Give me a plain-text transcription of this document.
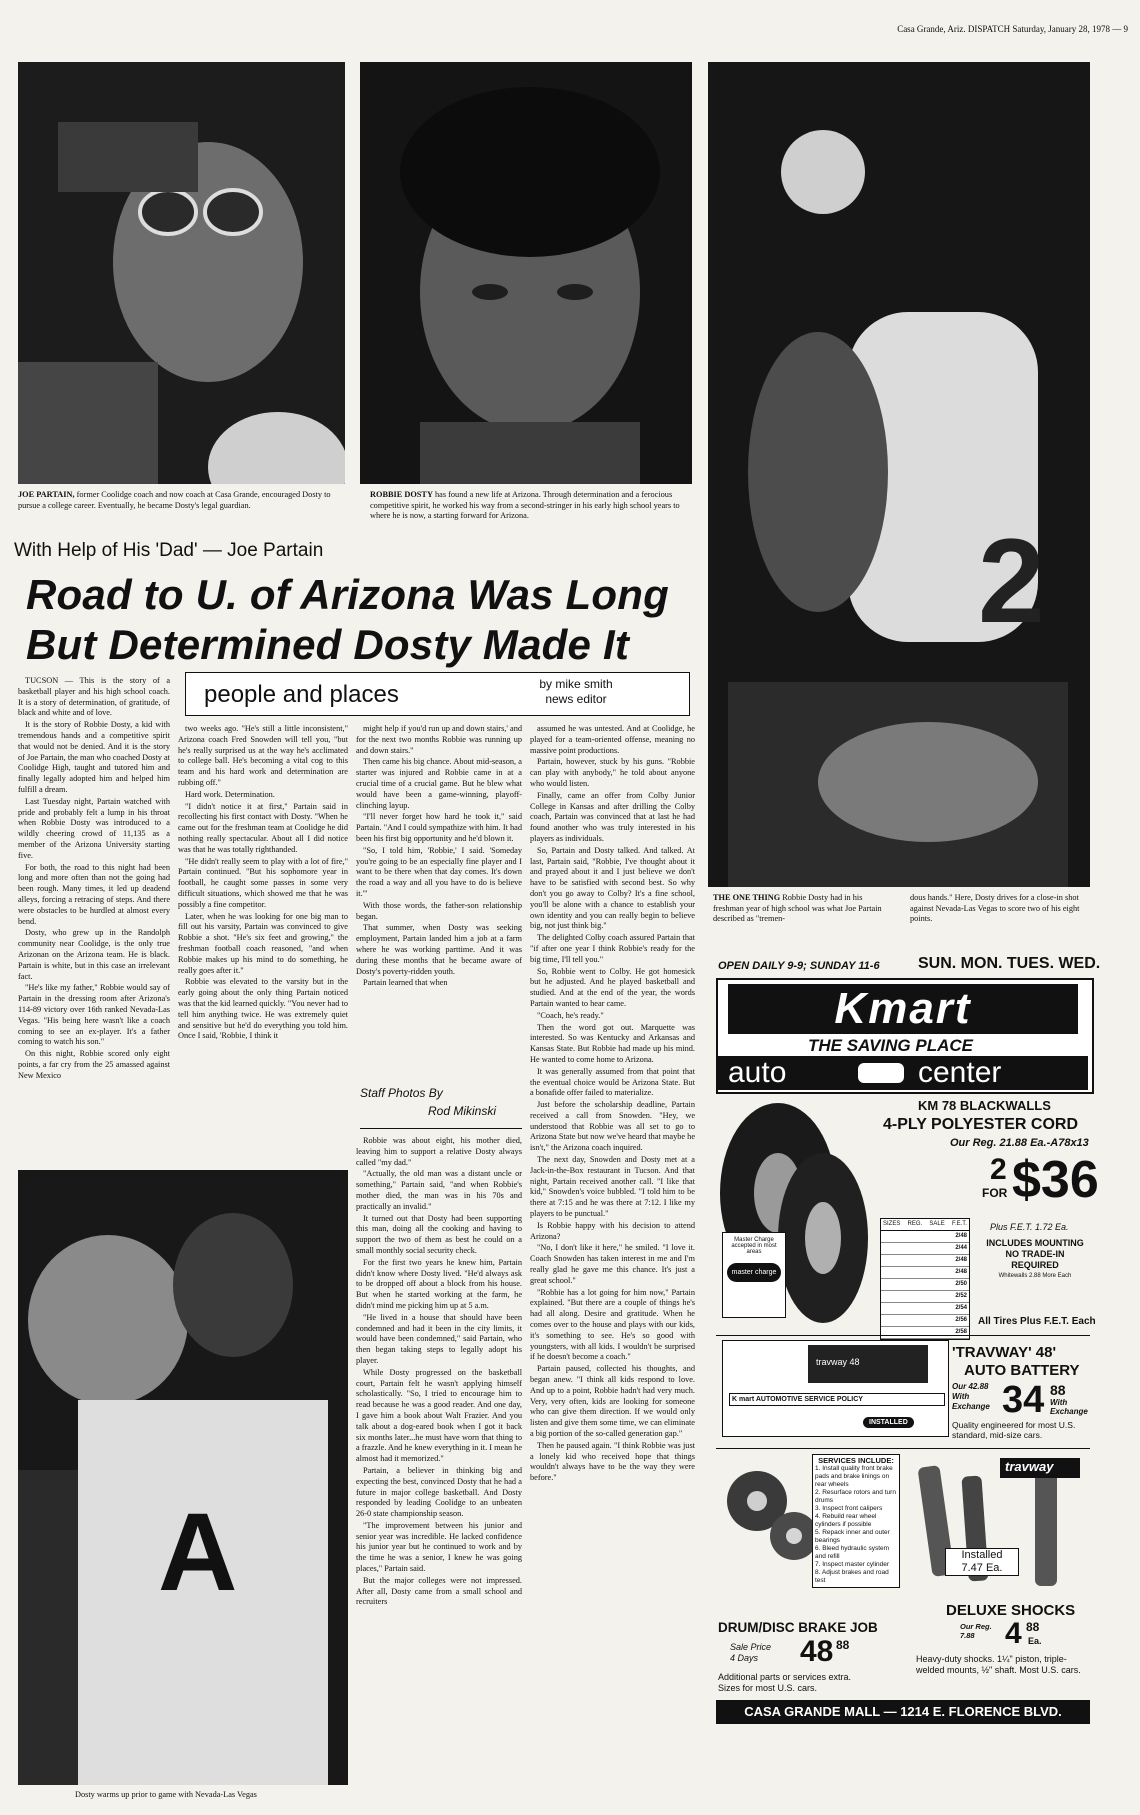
Casa Grande, Ariz. DISPATCH Saturday, January 28, 1978 — 9
JOE PARTAIN, former Coolidge coach and now coach at Casa Grande, encouraged Dosty to pursue a college career. Eventually, he became Dosty's legal guardian.
ROBBIE DOSTY has found a new life at Arizona. Through determination and a ferocious competitive spirit, he worked his way from a second-stringer in his early high school years to where he is now, a starting forward for Arizona.	2
THE ONE THING Robbie Dosty had in his freshman year of high school was what Joe Partain described as "tremen-
dous hands." Here, Dosty drives for a close-in shot against Nevada-Las Vegas to score two of his eight points.
With Help of His 'Dad' — Joe Partain
Road to U. of Arizona Was Long
But Determined Dosty Made It

TUCSON — This is the story of a basketball player and his high school coach. It is a story of determination, of gratitude, of black and white and of love.

It is the story of Robbie Dosty, a kid with tremendous hands and a competitive spirit that would not be denied. And it is the story of Joe Partain, the man who coached Dosty at Coolidge High, taught and tutored him and finally legally adopted him and helped him fulfill a dream.

Last Tuesday night, Partain watched with pride and probably felt a lump in his throat when Robbie Dosty was introduced to a wildly cheering crowd of 11,135 as a member of the Arizona University starting five.

For both, the road to this night had been long and more often than not the going had been rough. Many times, it led up deadend alleys, forcing a retracing of steps. And there were obstacles to be hurdled at almost every bend.

Dosty, who grew up in the Randolph community near Coolidge, is the only true Arizonan on the Arizona team. He is black. Partain is white, but in this case an irrelevant fact.

"He's like my father," Robbie would say of Partain in the dressing room after Arizona's 114-89 victory over 16th ranked Nevada-Las Vegas. "His being here wasn't like a coach coming to see an ex-player. It's a father coming to watch his son."

On this night, Robbie scored only eight points, a far cry from the 25 amassed against New Mexico

people and places	by mike smith
news editor

two weeks ago. "He's still a little inconsistent," Arizona coach Fred Snowden will tell you, "but he's really surprised us at the way he's acclimated to college ball. He's becoming a vital cog to this team and his hard work and determination are rubbing off."

Hard work. Determination.

"I didn't notice it at first," Partain said in recollecting his first contact with Dosty. "When he came out for the freshman team at Coolidge he did nothing really spectacular. About all I did notice was that he was totally righthanded.

"He didn't really seem to play with a lot of fire," Partain continued. "But his sophomore year in football, he caught some passes in some very difficult situations, which showed me that he was possibly a fine competitor.

Later, when he was looking for one big man to fill out his varsity, Partain was convinced to give Robbie a shot. "He's six feet and growing," the freshman football coach reasoned, "and when Robbie makes up his mind to do something, he really goes after it."

Robbie was elevated to the varsity but in the early going about the only thing Partain noticed was that the kid learned quickly. "You never had to tell him anything twice. He was extremely quiet and sensitive but he'd do everything you told him. Once I said, 'Robbie, I think it

might help if you'd run up and down stairs,' and for the next two months Robbie was running up and down stairs."

Then came his big chance. About mid-season, a starter was injured and Robbie came in at a crucial time of a crucial game. But he blew what would have been a game-winning, playoff-clinching layup.

"I'll never forget how hard he took it," said Partain. "And I could sympathize with him. It had been his first big opportunity and he'd blown it.

"So, I told him, 'Robbie,' I said. 'Someday you're going to be an especially fine player and I want to be there when that day comes. It's down the road a way and all you have to do is believe it.'"

With those words, the father-son relationship began.

That summer, when Dosty was seeking employment, Partain landed him a job at a farm where he was working parttime. And it was during these months that he became aware of Dosty's poverty-ridden youth.

Partain learned that when

Staff Photos By
Rod Mikinski

Robbie was about eight, his mother died, leaving him to support a relative Dosty always called "my dad."

"Actually, the old man was a distant uncle or something," Partain said, "and when Robbie's mother died, the man was in his 70s and practically an invalid."

It turned out that Dosty had been supporting this man, doing all the cooking and having to support the two of them as best he could on a small monthly social security check.

For the first two years he knew him, Partain didn't know where Dosty lived. "He'd always ask to be dropped off about a block from his house. But when he started working at the farm, he didn't mind me picking him up at 5 a.m.

"He lived in a house that should have been condemned and had it been in the city limits, it would have been condemned," said Partain, who then began taking steps to legally adopt his player.

While Dosty progressed on the basketball court, Partain felt he wasn't applying himself scholastically. "So, I tried to encourage him to read because he was a good reader. And one day, I gave him a book about Walt Frazier. And you talk about a dog-eared book when I got it back six months later...he must have worn that thing to a frazzle. And he knew everything in it. I mean he almost had it memorized."

Partain, a believer in thinking big and expecting the best, convinced Dosty that he had a future in major college basketball. And Dosty responded by leading Coolidge to an unbeaten 26-0 state championship season.

"The improvement between his junior and senior year was incredible. He lacked confidence his junior year but he continued to work and by the time he was a senior, I knew he was going places," Partain said.

But the major colleges were not impressed. After all, Dosty came from a small school and recruiters

assumed he was untested. And at Coolidge, he played for a team-oriented offense, meaning no massive point productions.

Partain, however, stuck by his guns. "Robbie can play with anybody," he told about anyone who would listen.

Finally, came an offer from Colby Junior College in Kansas and after drilling the Colby coach, Partain was convinced that at last he had found another who was truly interested in his players as individuals.

So, Partain and Dosty talked. And talked. At last, Partain said, "Robbie, I've thought about it and prayed about it and I just believe we don't have to be satisfied with second best. So why don't you go away to Colby? It's a fine school, you'll be alone with a chance to establish your own identity and you can really begin to believe big, not just think big."

The delighted Colby coach assured Partain that "if after one year I think Robbie's ready for the big time, I'll tell you."

So, Robbie went to Colby. He got homesick but he adjusted. And he played basketball and studied. And at the end of the year, the words Partain wanted to hear came.

"Coach, he's ready."

Then the word got out. Marquette was interested. So was Kentucky and Arkansas and Kansas State. But Robbie had made up his mind. He wanted to come home to Arizona.

It was generally assumed from that point that the eventual choice would be Arizona State. But a bonafide offer failed to materialize.

Just before the scholarship deadline, Partain received a call from Snowden. "Hey, we understood that Robbie was all set to go to Arizona State but now we've heard that maybe he isn't," the Arizona coach inquired.

The next day, Snowden and Dosty met at a Jack-in-the-Box restaurant in Tucson. And that night, Partain received another call. "I like that kid," Snowden's voice bubbled. "I told him to be there at 7:15 and he was there at 7:12. I like my players to be punctual."

Is Robbie happy with his decision to attend Arizona?

"No, I don't like it here," he smiled. "I love it. Coach Snowden has taken interest in me and I'm really glad he gave me this chance. It's just a great school."

"Robbie has a lot going for him now," Partain explained. "But there are a couple of things he's had all along. Desire and gratitude. When he comes over to the house and plays with our kids, it's something to see. He's so good with youngsters, with all kids. I wouldn't be surprised if he doesn't become a coach."

Partain paused, collected his thoughts, and began anew. "I think all kids respond to love. And up to a point, Robbie hadn't had very much. Very, very often, kids are looking for someone who can give them direction. If we would only listen and give them some time, we can eliminate a big portion of the so-called generation gap."

Then he paused again. "I think Robbie was just a lonely kid who received hope that things wouldn't always have to be the way they were before."

A
Dosty warms up prior to game with Nevada-Las Vegas
OPEN DAILY 9-9; SUNDAY 11-6 SUN. MON. TUES. WED.
Kmart
THE SAVING PLACE
auto	center
Master Charge accepted in most areas
master charge
KM 78 BLACKWALLS
4-PLY POLYESTER CORD
Our Reg. 21.88 Ea.-A78x13
2
FOR $36
SIZES REG. SALE F.E.T.
2/48
2/44
2/48
2/48
2/50
2/52
2/54
2/56
2/58
Plus F.E.T. 1.72 Ea.
INCLUDES MOUNTING
NO TRADE-IN
REQUIRED
Whitewalls 2.88 More Each
All Tires Plus F.E.T. Each
travway 48
K mart AUTOMOTIVE SERVICE POLICY
INSTALLED
'TRAVWAY' 48'
AUTO BATTERY
Our 42.88 With Exchange 34 88
With Exchange
Quality engineered for most U.S. standard, mid-size cars.
SERVICES INCLUDE:
1. Install quality front brake pads and brake linings on rear wheels
2. Resurface rotors and turn drums
3. Inspect front calipers
4. Rebuild rear wheel cylinders if possible
5. Repack inner and outer bearings
6. Bleed hydraulic system and refill
7. Inspect master cylinder
8. Adjust brakes and road test
DRUM/DISC BRAKE JOB
Sale Price
4 Days	48 88
Additional parts or services extra.
Sizes for most U.S. cars.
travway
Installed
7.47 Ea.
DELUXE SHOCKS
Our Reg. 7.88	4 88
Ea.
Heavy-duty shocks. 1¼" piston, triple-welded mounts, ½" shaft. Most U.S. cars.
CASA GRANDE MALL — 1214 E. FLORENCE BLVD.
